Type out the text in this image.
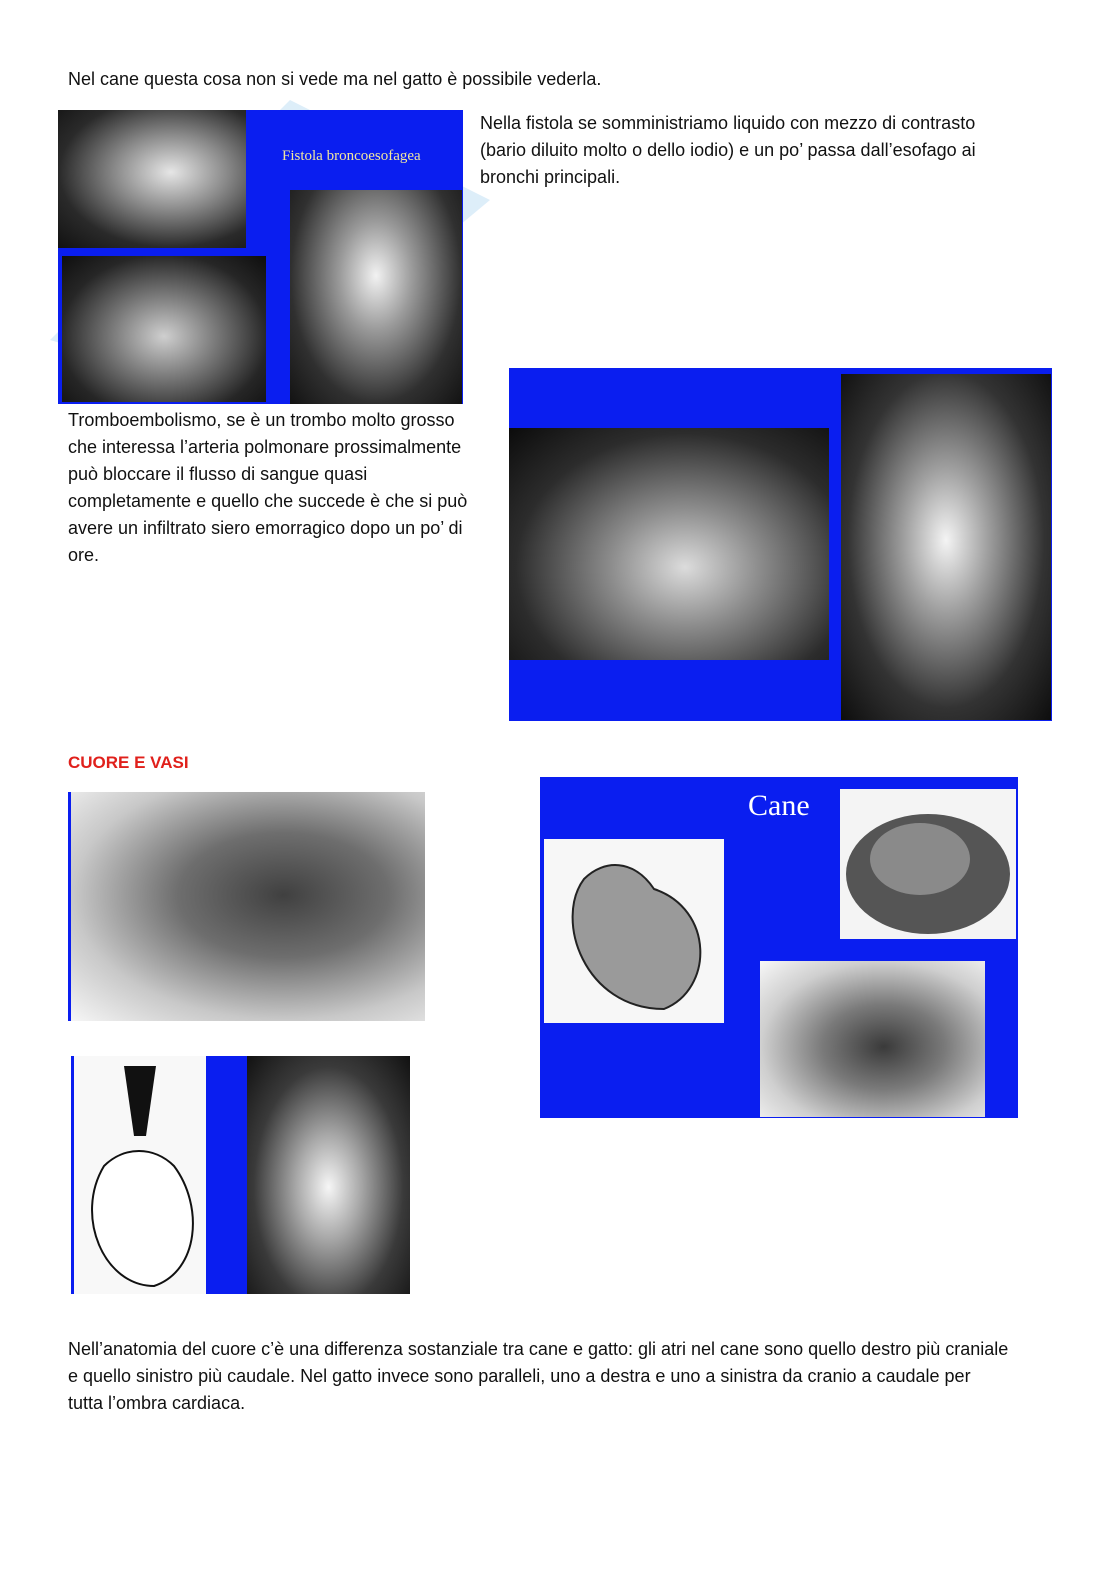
Nel cane questa cosa non si vede ma nel gatto è possibile vederla.
Fistola broncoesofagea
Nella fistola se somministriamo liquido con mezzo di contrasto
(bario diluito molto o dello iodio) e un po’ passa dall’esofago ai
bronchi principali.
Tromboembolismo, se è un trombo molto grosso
che interessa l’arteria polmonare prossimalmente
può bloccare il flusso di sangue quasi
completamente e quello che succede è che si può
avere un infiltrato siero emorragico dopo un po’ di
ore.
CUORE E VASI
Cane
Nell’anatomia del cuore c’è una differenza sostanziale tra cane e gatto: gli atri nel cane sono quello destro più craniale
e quello sinistro più caudale. Nel gatto invece sono paralleli, uno a destra e uno a sinistra da cranio a caudale per
tutta l’ombra cardiaca.
